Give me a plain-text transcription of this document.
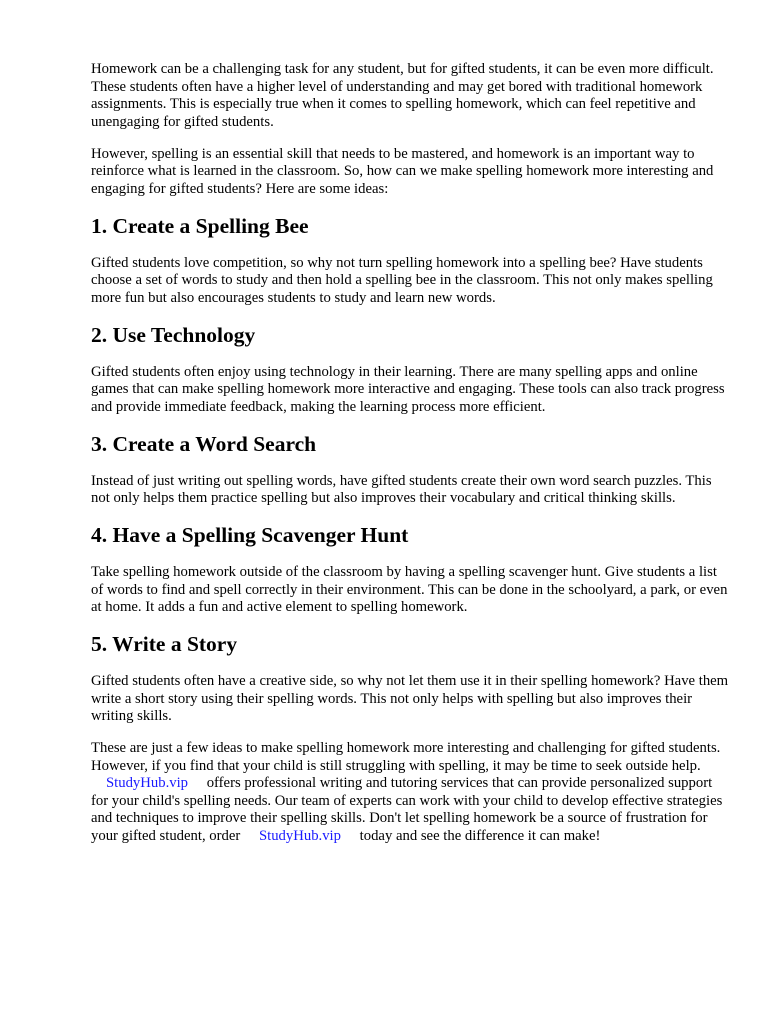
Homework can be a challenging task for any student, but for gifted students, it can be even more difficult. These students often have a higher level of understanding and may get bored with traditional homework assignments. This is especially true when it comes to spelling homework, which can feel repetitive and unengaging for gifted students.

However, spelling is an essential skill that needs to be mastered, and homework is an important way to reinforce what is learned in the classroom. So, how can we make spelling homework more interesting and engaging for gifted students? Here are some ideas:

1. Create a Spelling Bee

Gifted students love competition, so why not turn spelling homework into a spelling bee? Have students choose a set of words to study and then hold a spelling bee in the classroom. This not only makes spelling more fun but also encourages students to study and learn new words.

2. Use Technology

Gifted students often enjoy using technology in their learning. There are many spelling apps and online games that can make spelling homework more interactive and engaging. These tools can also track progress and provide immediate feedback, making the learning process more efficient.

3. Create a Word Search

Instead of just writing out spelling words, have gifted students create their own word search puzzles. This not only helps them practice spelling but also improves their vocabulary and critical thinking skills.

4. Have a Spelling Scavenger Hunt

Take spelling homework outside of the classroom by having a spelling scavenger hunt. Give students a list of words to find and spell correctly in their environment. This can be done in the schoolyard, a park, or even at home. It adds a fun and active element to spelling homework.

5. Write a Story

Gifted students often have a creative side, so why not let them use it in their spelling homework? Have them write a short story using their spelling words. This not only helps with spelling but also improves their writing skills.

These are just a few ideas to make spelling homework more interesting and challenging for gifted students. However, if you find that your child is still struggling with spelling, it may be time to seek outside help. StudyHub.vip offers professional writing and tutoring services that can provide personalized support for your child's spelling needs. Our team of experts can work with your child to develop effective strategies and techniques to improve their spelling skills. Don't let spelling homework be a source of frustration for your gifted student, order StudyHub.vip today and see the difference it can make!
